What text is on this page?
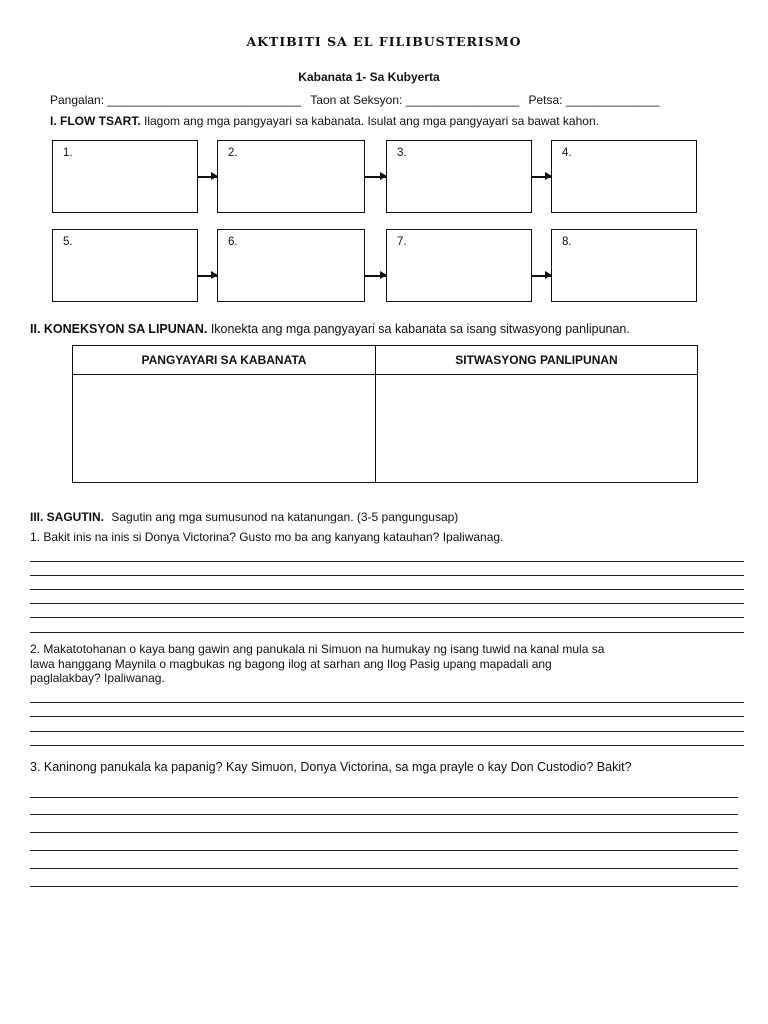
AKTIBITI SA EL FILIBUSTERISMO
Kabanata 1- Sa Kubyerta
Pangalan: _____________________________ Taon at Seksyon: _________________ Petsa: ______________
I. FLOW TSART. Ilagom ang mga pangyayari sa kabanata. Isulat ang mga pangyayari sa bawat kahon.
1.	2.	3.	4.
5.	6.	7.	8.
II. KONEKSYON SA LIPUNAN. Ikonekta ang mga pangyayari sa kabanata sa isang sitwasyong panlipunan.
PANGYAYARI SA KABANATA	SITWASYONG PANLIPUNAN

III. SAGUTIN. Sagutin ang mga sumusunod na katanungan. (3-5 pangungusap)
1. Bakit inis na inis si Donya Victorina? Gusto mo ba ang kanyang katauhan? Ipaliwanag.
2. Makatotohanan o kaya bang gawin ang panukala ni Simuon na humukay ng isang tuwid na kanal mula sa
lawa hanggang Maynila o magbukas ng bagong ilog at sarhan ang Ilog Pasig upang mapadali ang
paglalakbay? Ipaliwanag.
3. Kaninong panukala ka papanig? Kay Simuon, Donya Victorina, sa mga prayle o kay Don Custodio? Bakit?
